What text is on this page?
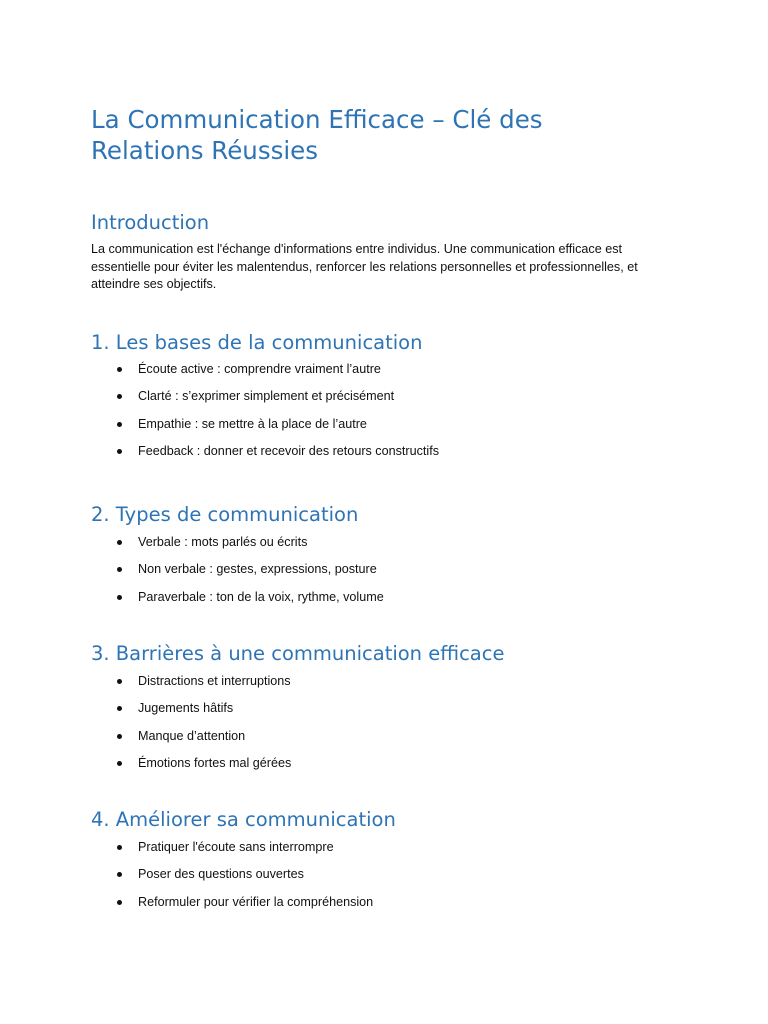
La Communication Efficace – Clé des
Relations Réussies
Introduction

La communication est l'échange d'informations entre individus. Une communication efficace est essentielle pour éviter les malentendus, renforcer les relations personnelles et professionnelles, et atteindre ses objectifs.

1. Les bases de la communication
Écoute active : comprendre vraiment l’autre
Clarté : s’exprimer simplement et précisément
Empathie : se mettre à la place de l’autre
Feedback : donner et recevoir des retours constructifs
2. Types de communication
Verbale : mots parlés ou écrits
Non verbale : gestes, expressions, posture
Paraverbale : ton de la voix, rythme, volume
3. Barrières à une communication efficace
Distractions et interruptions
Jugements hâtifs
Manque d’attention
Émotions fortes mal gérées
4. Améliorer sa communication
Pratiquer l'écoute sans interrompre
Poser des questions ouvertes
Reformuler pour vérifier la compréhension
